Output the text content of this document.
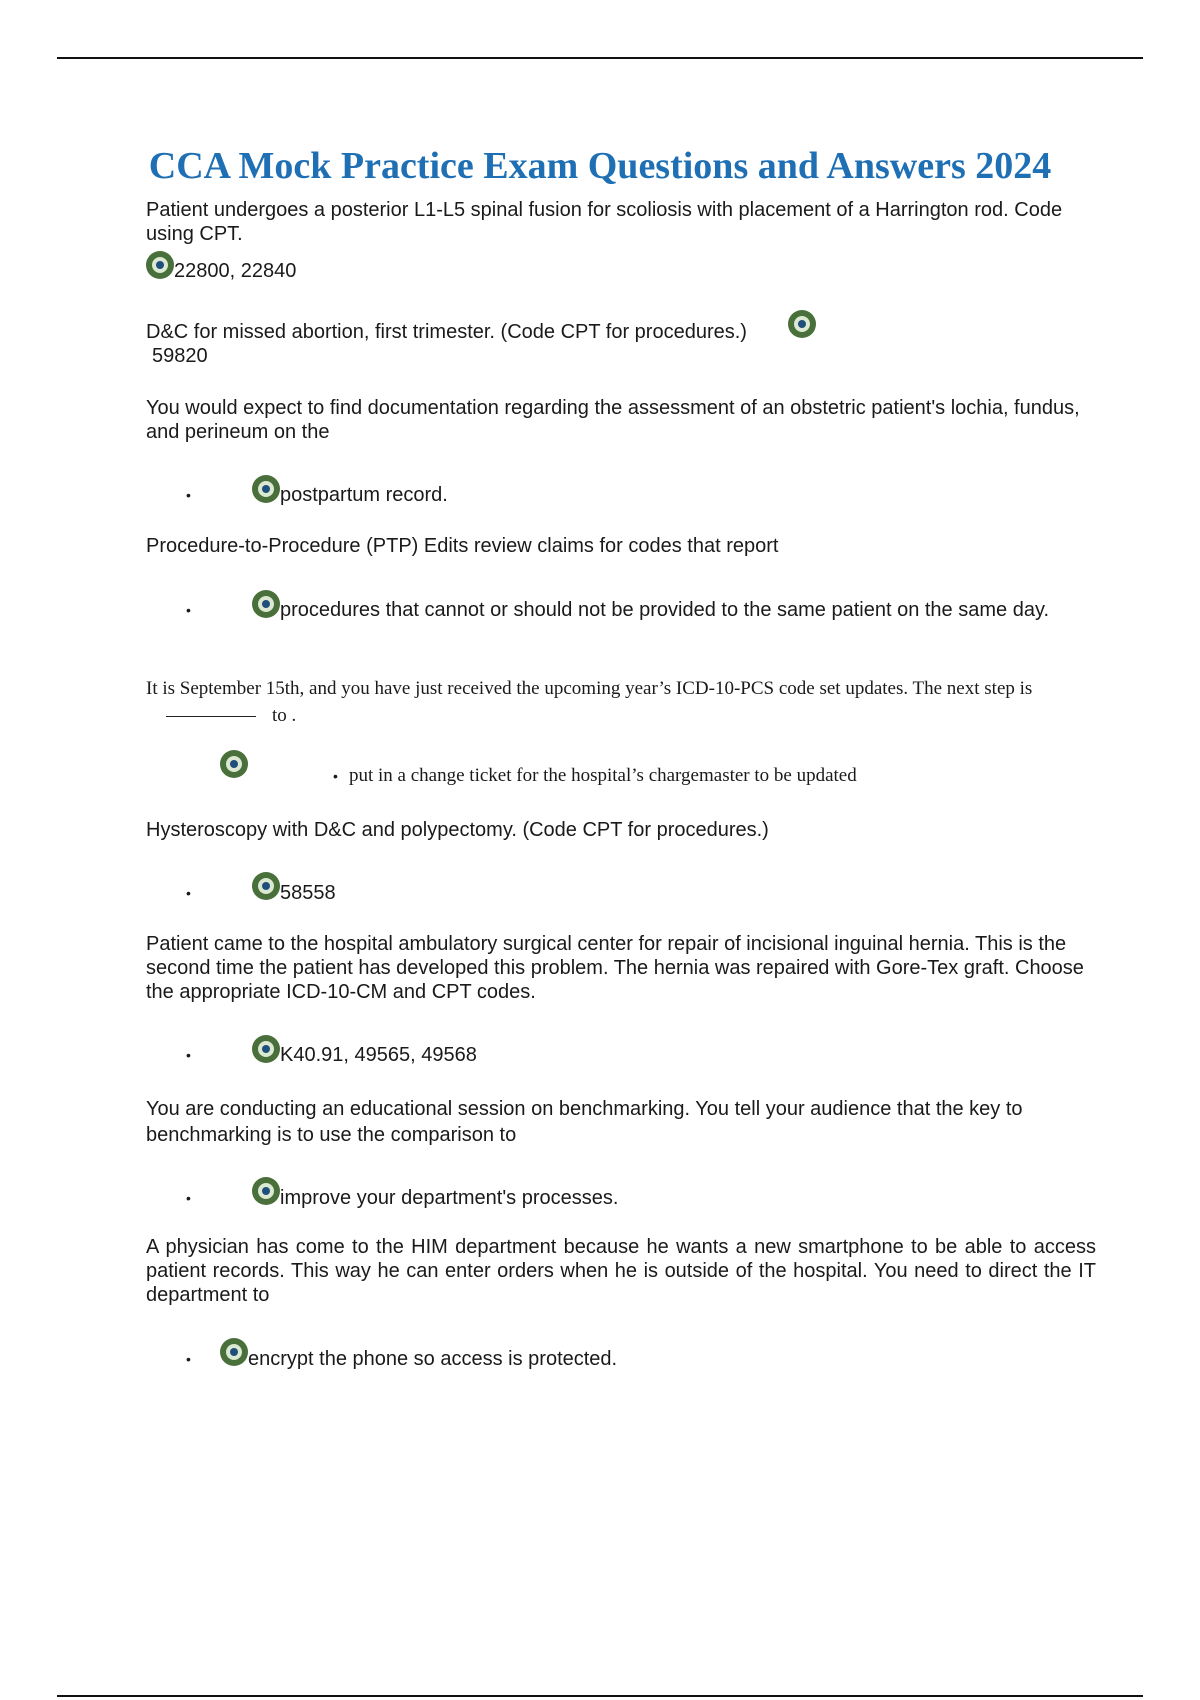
CCA Mock Practice Exam Questions and Answers 2024
Patient undergoes a posterior L1-L5 spinal fusion for scoliosis with placement of a Harrington rod. Code using CPT.
22800, 22840
D&C for missed abortion, first trimester. (Code CPT for procedures.)
59820
You would expect to find documentation regarding the assessment of an obstetric patient's lochia, fundus, and perineum on the
•	postpartum record.
Procedure-to-Procedure (PTP) Edits review claims for codes that report
•	procedures that cannot or should not be provided to the same patient on the same day.
It is September 15th, and you have just received the upcoming year’s ICD-10-PCS code set updates. The next step isto .
• put in a change ticket for the hospital’s chargemaster to be updated
Hysteroscopy with D&C and polypectomy. (Code CPT for procedures.)
•	58558
Patient came to the hospital ambulatory surgical center for repair of incisional inguinal hernia. This is the second time the patient has developed this problem. The hernia was repaired with Gore-Tex graft. Choose the appropriate ICD-10-CM and CPT codes.
•	K40.91, 49565, 49568
You are conducting an educational session on benchmarking. You tell your audience that the key to benchmarking is to use the comparison to
•	improve your department's processes.
A physician has come to the HIM department because he wants a new smartphone to be able to access patient records. This way he can enter orders when he is outside of the hospital. You need to direct the IT department to
•	encrypt the phone so access is protected.
